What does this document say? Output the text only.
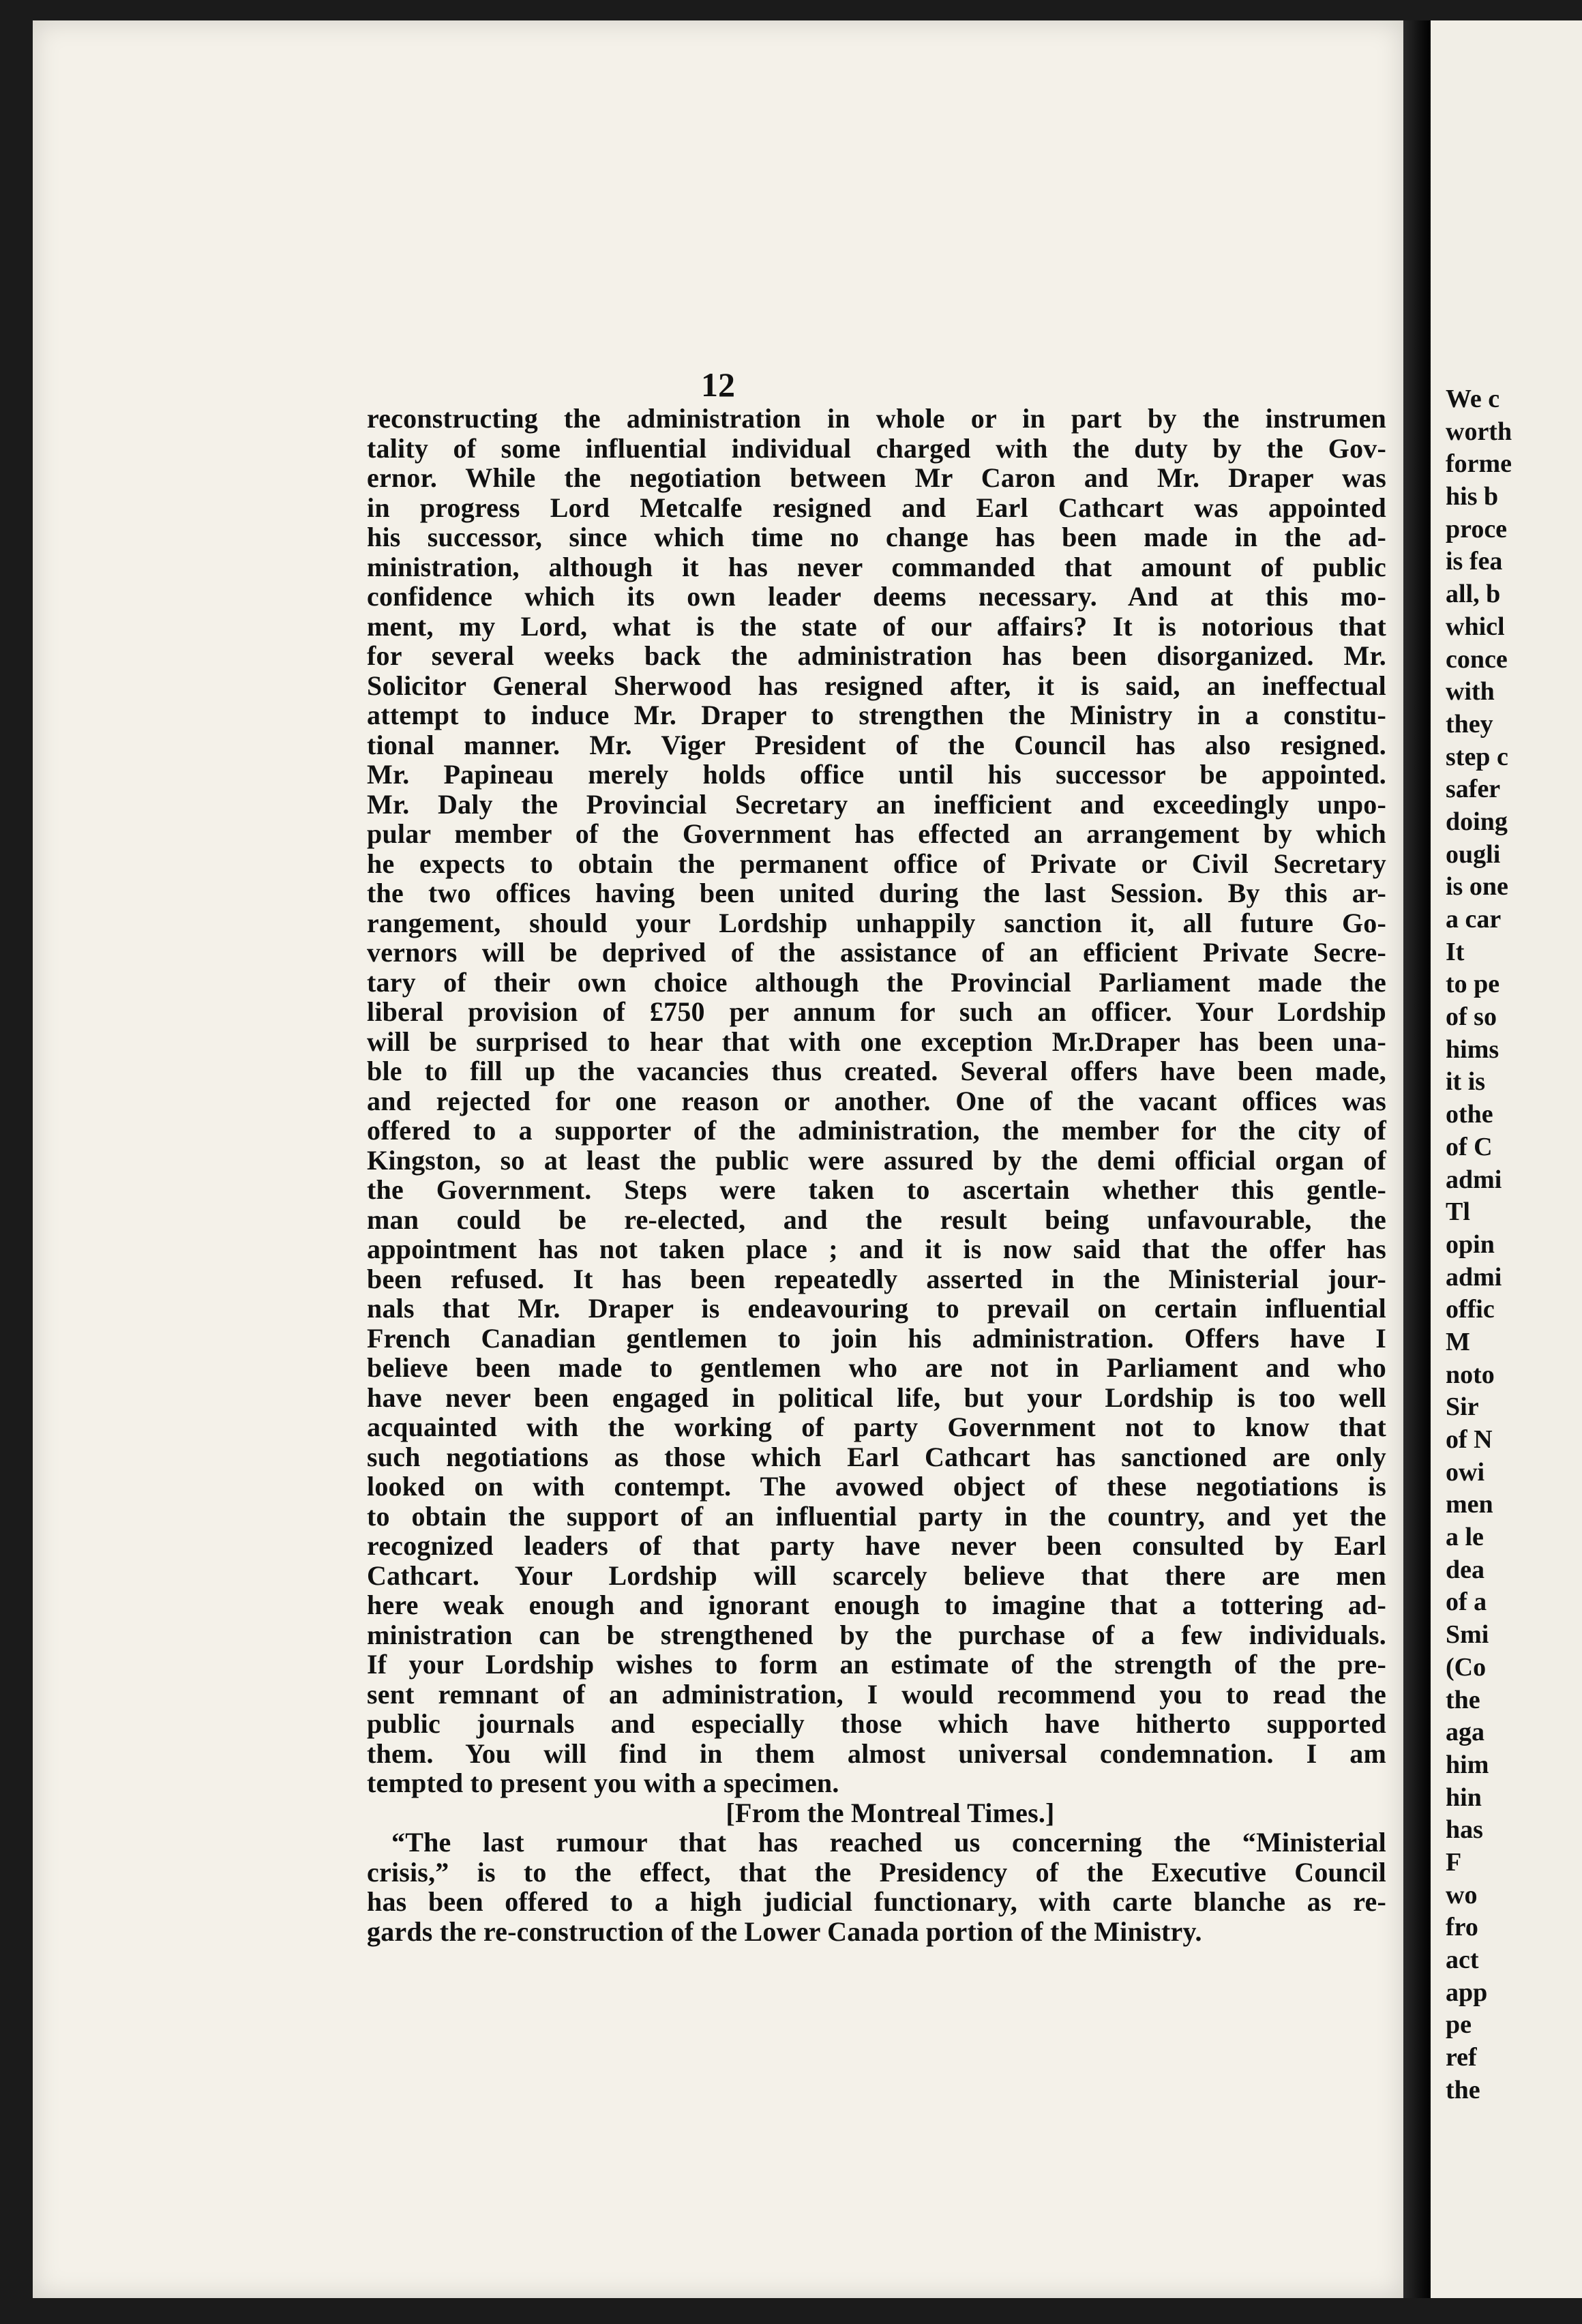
12

reconstructing the administration in whole or in part by the instrumen

tality of some influential individual charged with the duty by the Gov-

ernor. While the negotiation between Mr Caron and Mr. Draper was

in progress Lord Metcalfe resigned and Earl Cathcart was appointed

his successor, since which time no change has been made in the ad-

ministration, although it has never commanded that amount of public

confidence which its own leader deems necessary. And at this mo-

ment, my Lord, what is the state of our affairs? It is notorious that

for several weeks back the administration has been disorganized. Mr.

Solicitor General Sherwood has resigned after, it is said, an ineffectual

attempt to induce Mr. Draper to strengthen the Ministry in a constitu-

tional manner. Mr. Viger President of the Council has also resigned.

Mr. Papineau merely holds office until his successor be appointed.

Mr. Daly the Provincial Secretary an inefficient and exceedingly unpo-

pular member of the Government has effected an arrangement by which

he expects to obtain the permanent office of Private or Civil Secretary

the two offices having been united during the last Session. By this ar-

rangement, should your Lordship unhappily sanction it, all future Go-

vernors will be deprived of the assistance of an efficient Private Secre-

tary of their own choice although the Provincial Parliament made the

liberal provision of £750 per annum for such an officer. Your Lordship

will be surprised to hear that with one exception Mr.Draper has been una-

ble to fill up the vacancies thus created. Several offers have been made,

and rejected for one reason or another. One of the vacant offices was

offered to a supporter of the administration, the member for the city of

Kingston, so at least the public were assured by the demi official organ of

the Government. Steps were taken to ascertain whether this gentle-

man could be re-elected, and the result being unfavourable, the

appointment has not taken place ; and it is now said that the offer has

been refused. It has been repeatedly asserted in the Ministerial jour-

nals that Mr. Draper is endeavouring to prevail on certain influential

French Canadian gentlemen to join his administration. Offers have I

believe been made to gentlemen who are not in Parliament and who

have never been engaged in political life, but your Lordship is too well

acquainted with the working of party Government not to know that

such negotiations as those which Earl Cathcart has sanctioned are only

looked on with contempt. The avowed object of these negotiations is

to obtain the support of an influential party in the country, and yet the

recognized leaders of that party have never been consulted by Earl

Cathcart. Your Lordship will scarcely believe that there are men

here weak enough and ignorant enough to imagine that a tottering ad-

ministration can be strengthened by the purchase of a few individuals.

If your Lordship wishes to form an estimate of the strength of the pre-

sent remnant of an administration, I would recommend you to read the

public journals and especially those which have hitherto supported

them. You will find in them almost universal condemnation. I am

tempted to present you with a specimen.

[From the Montreal Times.]

“The last rumour that has reached us concerning the “Ministerial

crisis,” is to the effect, that the Presidency of the Executive Council

has been offered to a high judicial functionary, with carte blanche as re-

gards the re-construction of the Lower Canada portion of the Ministry.

We c
worth
forme
his b
proce
is fea
all, b
whicl
conce
with
they
step c
safer
doing
ougli
is one
a car
It
to pe
of so
hims
it is
othe
of C
admi
Tl
opin
admi
offic
M
noto
Sir
of N
owi
men
a le
dea
of a
Smi
(Co
the
aga
him
hin
has
F
wo
fro
act
app
pe
ref
the
